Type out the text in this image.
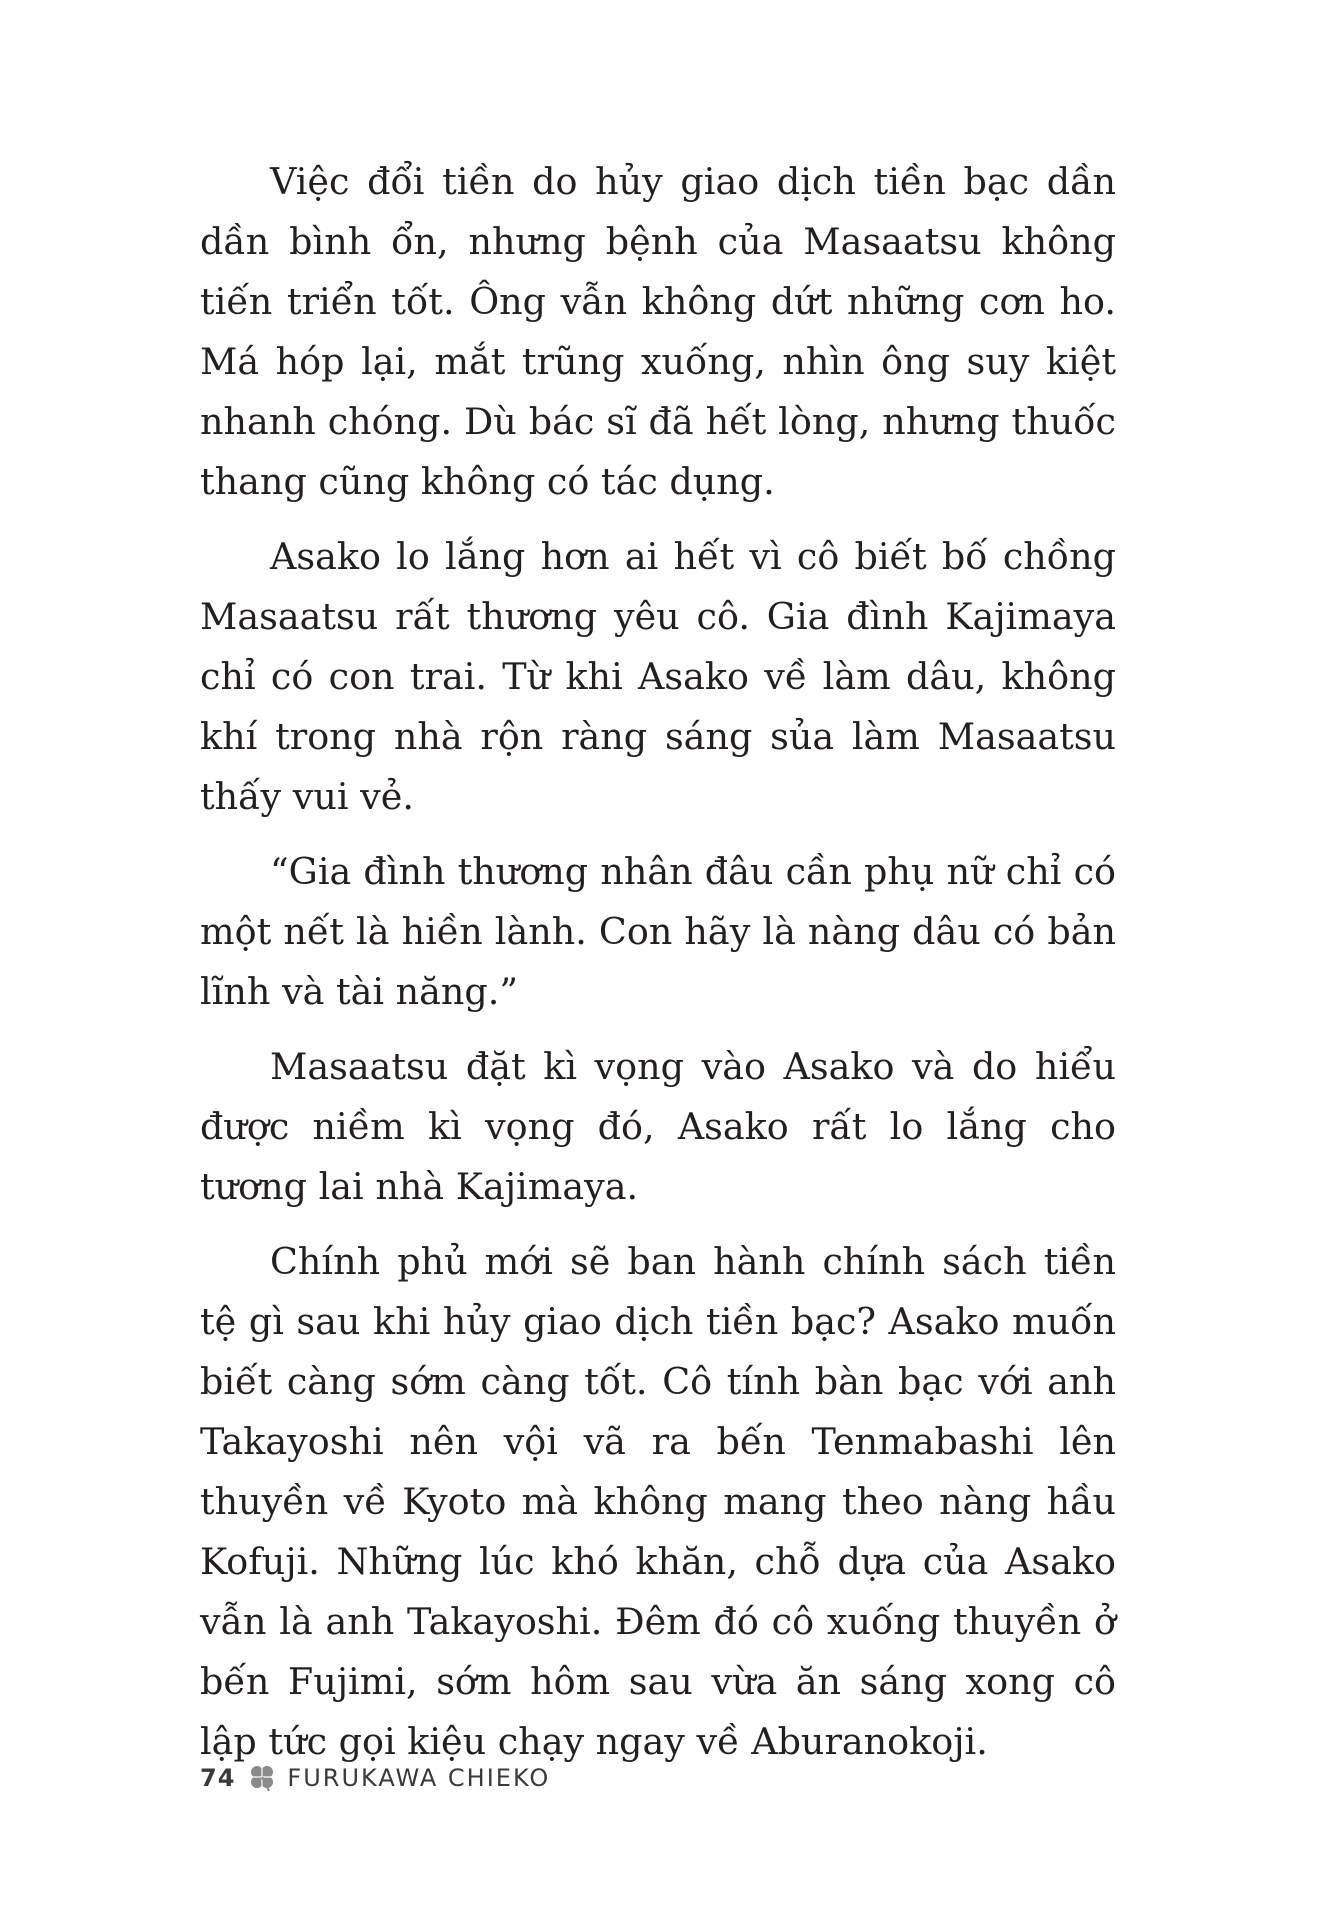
Việc đổi tiền do hủy giao dịch tiền bạc dần dần bình ổn, nhưng bệnh của Masaatsu không tiến triển tốt. Ông vẫn không dứt những cơn ho. Má hóp lại, mắt trũng xuống, nhìn ông suy kiệt nhanh chóng. Dù bác sĩ đã hết lòng, nhưng thuốc thang cũng không có tác dụng.

Asako lo lắng hơn ai hết vì cô biết bố chồng Masaatsu rất thương yêu cô. Gia đình Kajimaya chỉ có con trai. Từ khi Asako về làm dâu, không khí trong nhà rộn ràng sáng sủa làm Masaatsu thấy vui vẻ.

“Gia đình thương nhân đâu cần phụ nữ chỉ có một nết là hiền lành. Con hãy là nàng dâu có bản lĩnh và tài năng.”

Masaatsu đặt kì vọng vào Asako và do hiểu được niềm kì vọng đó, Asako rất lo lắng cho tương lai nhà Kajimaya.

Chính phủ mới sẽ ban hành chính sách tiền tệ gì sau khi hủy giao dịch tiền bạc? Asako muốn biết càng sớm càng tốt. Cô tính bàn bạc với anh Takayoshi nên vội vã ra bến Tenmabashi lên thuyền về Kyoto mà không mang theo nàng hầu Kofuji. Những lúc khó khăn, chỗ dựa của Asako vẫn là anh Takayoshi. Đêm đó cô xuống thuyền ở bến Fujimi, sớm hôm sau vừa ăn sáng xong cô lập tức gọi kiệu chạy ngay về Aburanokoji.

74 FURUKAWA CHIEKO
